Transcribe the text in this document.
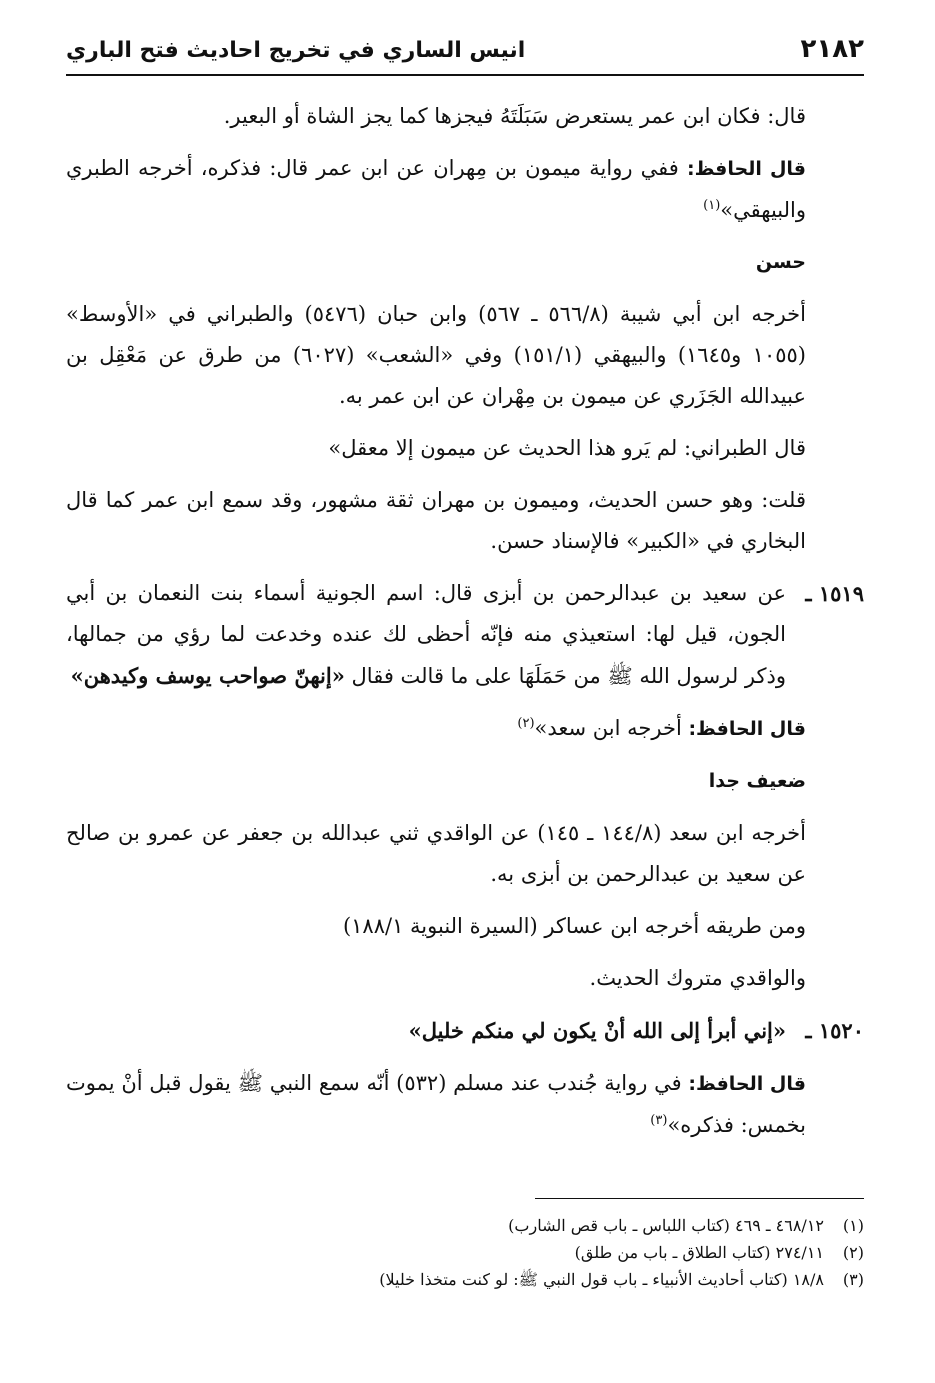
٢١٨٢
انيس الساري في تخريج احاديث فتح الباري

قال: فكان ابن عمر يستعرض سَبَلَتَهُ فيجزها كما يجز الشاة أو البعير.

قال الحافظ: ففي رواية ميمون بن مِهران عن ابن عمر قال: فذكره، أخرجه الطبري والبيهقي»$^{(١)}$

حسن

أخرجه ابن أبي شيبة (٥٦٦/٨ ـ ٥٦٧) وابن حبان (٥٤٧٦) والطبراني في «الأوسط» (١٠٥٥ و١٦٤٥) والبيهقي (١٥١/١) وفي «الشعب» (٦٠٢٧) من طرق عن مَعْقِل بن عبيدالله الجَزَري عن ميمون بن مِهْران عن ابن عمر به.

قال الطبراني: لم يَرو هذا الحديث عن ميمون إلا معقل»

قلت: وهو حسن الحديث، وميمون بن مهران ثقة مشهور، وقد سمع ابن عمر كما قال البخاري في «الكبير» فالإسناد حسن.

١٥١٩ ـ
عن سعيد بن عبدالرحمن بن أبزى قال: اسم الجونية أسماء بنت النعمان بن أبي الجون، قيل لها: استعيذي منه فإنّه أحظى لك عنده وخدعت لما رؤي من جمالها، وذكر لرسول الله ﷺ من حَمَلَهَا على ما قالت فقال «إنهنّ صواحب يوسف وكيدهن»

قال الحافظ: أخرجه ابن سعد»$^{(٢)}$

ضعيف جدا

أخرجه ابن سعد (١٤٤/٨ ـ ١٤٥) عن الواقدي ثني عبدالله بن جعفر عن عمرو بن صالح عن سعيد بن عبدالرحمن بن أبزى به.

ومن طريقه أخرجه ابن عساكر (السيرة النبوية ١٨٨/١)

والواقدي متروك الحديث.

١٥٢٠ ـ
«إني أبرأ إلى الله أنْ يكون لي منكم خليل»

قال الحافظ: في رواية جُندب عند مسلم (٥٣٢) أنّه سمع النبي ﷺ يقول قبل أنْ يموت بخمس: فذكره»$^{(٣)}$

(١)٤٦٨/١٢ ـ ٤٦٩ (كتاب اللباس ـ باب قص الشارب)
(٢)٢٧٤/١١ (كتاب الطلاق ـ باب من طلق)
(٣)١٨/٨ (كتاب أحاديث الأنبياء ـ باب قول النبي ﷺ: لو كنت متخذا خليلا)
